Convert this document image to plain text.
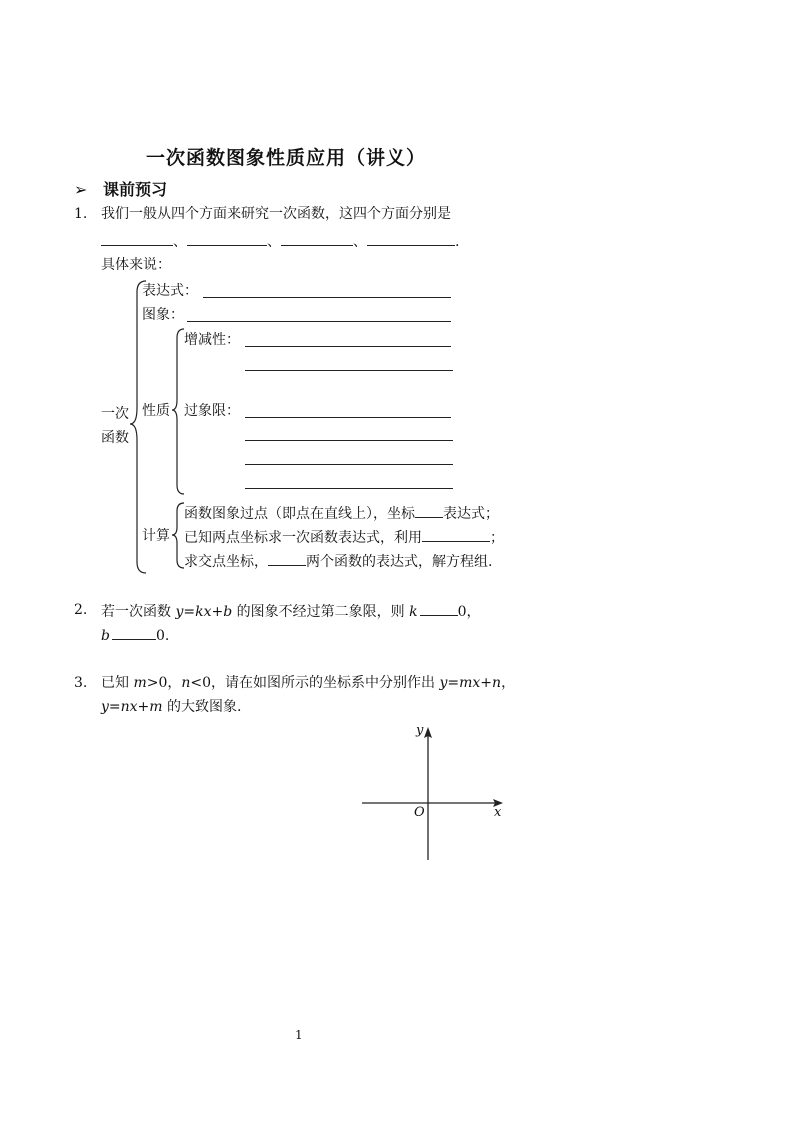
一次函数图象性质应用（讲义）
➢ 课前预习
1. 我们一般从四个方面来研究一次函数，这四个方面分别是
、	、	、	.
具体来说：
一次
函数
表达式：
图象：
性质
增减性：
过象限：
计算
函数图象过点（即点在直线上），坐标 表达式；
已知两点坐标求一次函数表达式，利用	；
求交点坐标，	两个函数的表达式，解方程组.
2. 若一次函数 y=kx+b 的图象不经过第二象限，则 k	0，
b	0.
3. 已知 m>0，n<0，请在如图所示的坐标系中分别作出 y=mx+n，
y=nx+m 的大致图象.
y
x
O
1
